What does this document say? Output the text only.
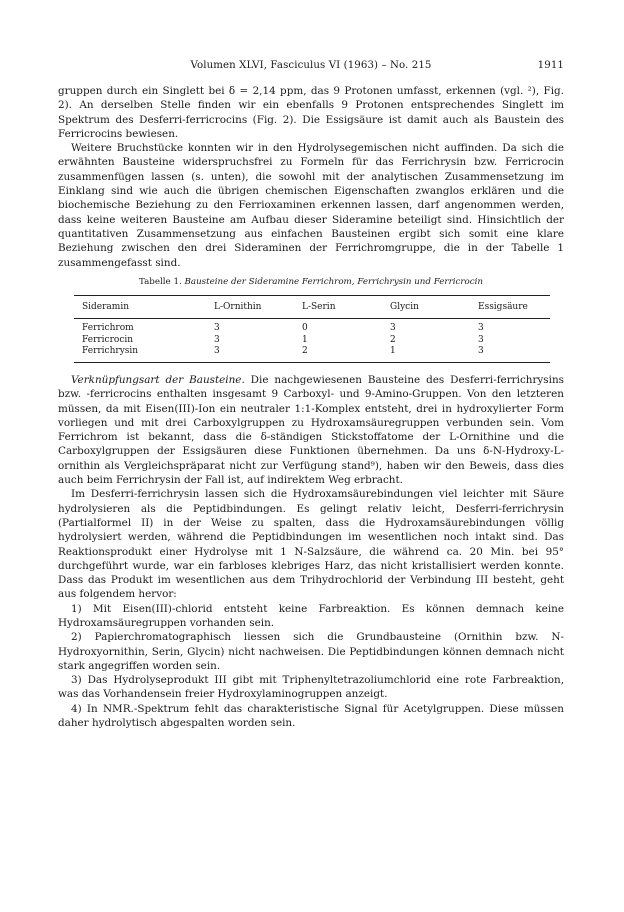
Volumen XLVI, Fasciculus VI (1963) – No. 215	1911

gruppen durch ein Singlett bei δ = 2,14 ppm, das 9 Protonen umfasst, erkennen (vgl. ²), Fig. 2). An derselben Stelle finden wir ein ebenfalls 9 Protonen entsprechendes Singlett im Spektrum des Desferri-ferricrocins (Fig. 2). Die Essigsäure ist damit auch als Baustein des Ferricrocins bewiesen.

Weitere Bruchstücke konnten wir in den Hydrolysegemischen nicht auffinden. Da sich die erwähnten Bausteine widerspruchsfrei zu Formeln für das Ferrichrysin bzw. Ferricrocin zusammenfügen lassen (s. unten), die sowohl mit der analytischen Zusammensetzung im Einklang sind wie auch die übrigen chemischen Eigenschaften zwanglos erklären und die biochemische Beziehung zu den Ferrioxaminen erkennen lassen, darf angenommen werden, dass keine weiteren Bausteine am Aufbau dieser Sideramine beteiligt sind. Hinsichtlich der quantitativen Zusammensetzung aus einfachen Bausteinen ergibt sich somit eine klare Beziehung zwischen den drei Sideraminen der Ferrichromgruppe, die in der Tabelle 1 zusammengefasst sind.

Tabelle 1. Bausteine der Sideramine Ferrichrom, Ferrichrysin und Ferricrocin
Sideramin	L-Ornithin	L-Serin	Glycin	Essigsäure
Ferrichrom	3	0	3	3
Ferricrocin	3	1	2	3
Ferrichrysin	3	2	1	3

Verknüpfungsart der Bausteine. Die nachgewiesenen Bausteine des Desferri-ferrichrysins bzw. -ferricrocins enthalten insgesamt 9 Carboxyl- und 9-Amino-Gruppen. Von den letzteren müssen, da mit Eisen(III)-Ion ein neutraler 1:1-Komplex entsteht, drei in hydroxylierter Form vorliegen und mit drei Carboxylgruppen zu Hydroxamsäuregruppen verbunden sein. Vom Ferrichrom ist bekannt, dass die δ-ständigen Stickstoffatome der L-Ornithine und die Carboxylgruppen der Essigsäuren diese Funktionen übernehmen. Da uns δ-N-Hydroxy-L-ornithin als Vergleichspräparat nicht zur Verfügung stand⁹), haben wir den Beweis, dass dies auch beim Ferrichrysin der Fall ist, auf indirektem Weg erbracht.

Im Desferri-ferrichrysin lassen sich die Hydroxamsäurebindungen viel leichter mit Säure hydrolysieren als die Peptidbindungen. Es gelingt relativ leicht, Desferri-ferrichrysin (Partialformel II) in der Weise zu spalten, dass die Hydroxamsäurebindungen völlig hydrolysiert werden, während die Peptidbindungen im wesentlichen noch intakt sind. Das Reaktionsprodukt einer Hydrolyse mit 1 N-Salzsäure, die während ca. 20 Min. bei 95° durchgeführt wurde, war ein farbloses klebriges Harz, das nicht kristallisiert werden konnte. Dass das Produkt im wesentlichen aus dem Trihydrochlorid der Verbindung III besteht, geht aus folgendem hervor:

1) Mit Eisen(III)-chlorid entsteht keine Farbreaktion. Es können demnach keine Hydroxamsäuregruppen vorhanden sein.

2) Papierchromatographisch liessen sich die Grundbausteine (Ornithin bzw. N-Hydroxyornithin, Serin, Glycin) nicht nachweisen. Die Peptidbindungen können demnach nicht stark angegriffen worden sein.

3) Das Hydrolyseprodukt III gibt mit Triphenyltetrazoliumchlorid eine rote Farbreaktion, was das Vorhandensein freier Hydroxylaminogruppen anzeigt.

4) In NMR.-Spektrum fehlt das charakteristische Signal für Acetylgruppen. Diese müssen daher hydrolytisch abgespalten worden sein.
